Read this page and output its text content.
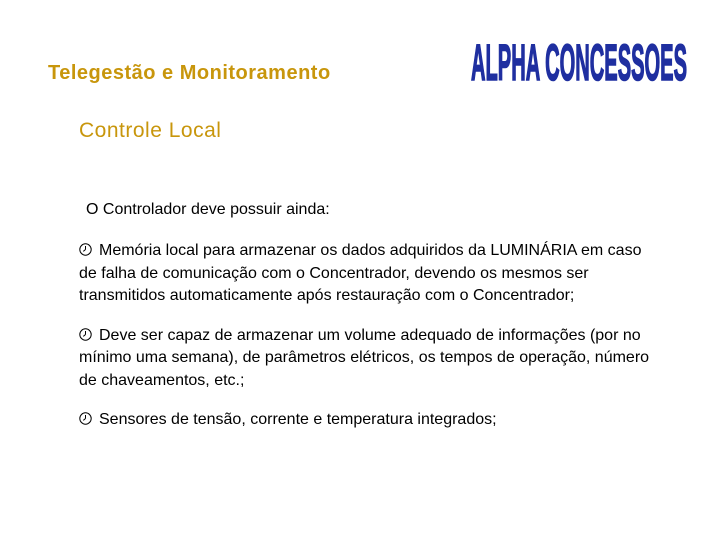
Telegestão e Monitoramento	ALPHA CONCESSOES
Controle Local
O Controlador deve possuir ainda:
Memória local para armazenar os dados adquiridos da LUMINÁRIA em caso de falha de comunicação com o Concentrador, devendo os mesmos ser transmitidos automaticamente após restauração com o Concentrador;
Deve ser capaz de armazenar um volume adequado de informações (por no mínimo uma semana), de parâmetros elétricos, os tempos de operação, número de chaveamentos, etc.;
Sensores de tensão, corrente e temperatura integrados;
